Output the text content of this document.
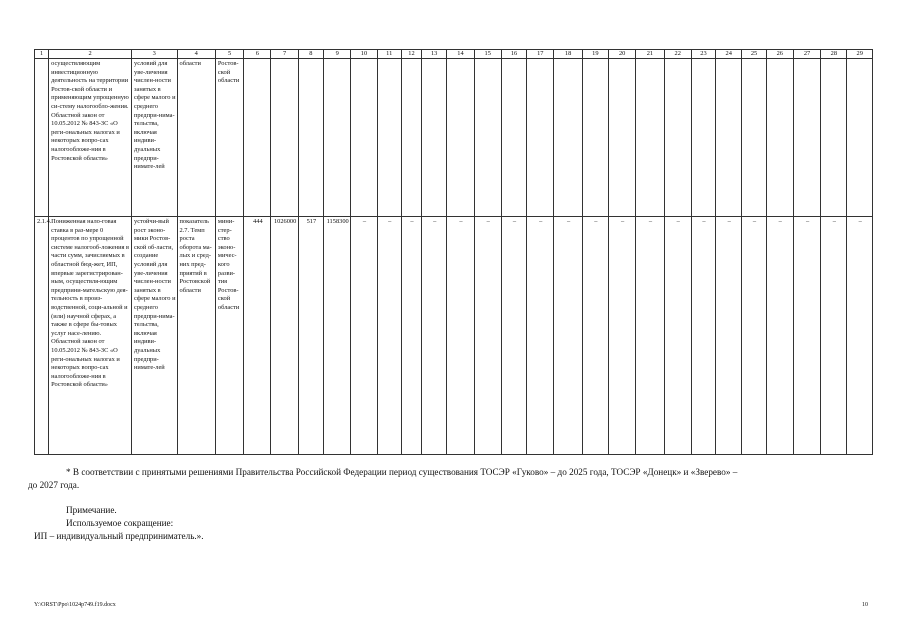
1	2	3	4	5	6	7	8	9	10	11	12	13	14	15	16	17	18	19	20	21	22	23	24	25	26	27	28	29
	осуществляющим инвестиционную деятельность на территории Ростов-ской области и применяющим упрощенную си-стему налогообло-жения. Областной закон от 10.05.2012 № 843-ЗС «О реги-ональных налогах и некоторых вопро-сах налогообложе-ния в Ростовской области»	условий для уве-личения числен-ности занятых в сфере малого и среднего предпри-нима-тельства, включая индиви-дуальных предпри-нимате-лей	области	Ростов-ской области																								
2.1.4.	Пониженная нало-говая ставка в раз-мере 0 процентов по упрощенной системе налогооб-ложения в части сумм, зачисляемых в областной бюд-жет, ИП, впервые зарегистрирован-ным, осуществля-ющим предприни-мательскую дея-тельность в произ-водственной, соци-альной и (или) научной сферах, а также в сфере бы-товых услуг насе-лению. Областной закон от 10.05.2012 № 843-ЗС «О реги-ональных налогах и некоторых вопро-сах налогообложе-ния в Ростовской области»	устойчи-вый рост эконо-мики Ростов-ской об-ласти, создание условий для уве-личения числен-ности занятых в сфере малого и среднего предпри-нима-тельства, включая индиви-дуальных предпри-нимате-лей	показатель 2.7. Темп роста оборота ма-лых и сред-них пред-приятий в Ростовской области	мини-стер-ство эконо-мичес-кого разви-тия Ростов-ской области	444	1026000	517	1158300	–	–	–	–	–	–	–	–	–	–	–	–	–	–	–	–	–	–	–	–
* В соответствии с принятыми решениями Правительства Российской Федерации период существования ТОСЭР «Гуково» – до 2025 года, ТОСЭР «Донецк» и «Зверево» –
до 2027 года.
Примечание.
Используемое сокращение:
ИП – индивидуальный предприниматель.».
Y:\ORST\Ppo\1024p749.f19.docx	10
